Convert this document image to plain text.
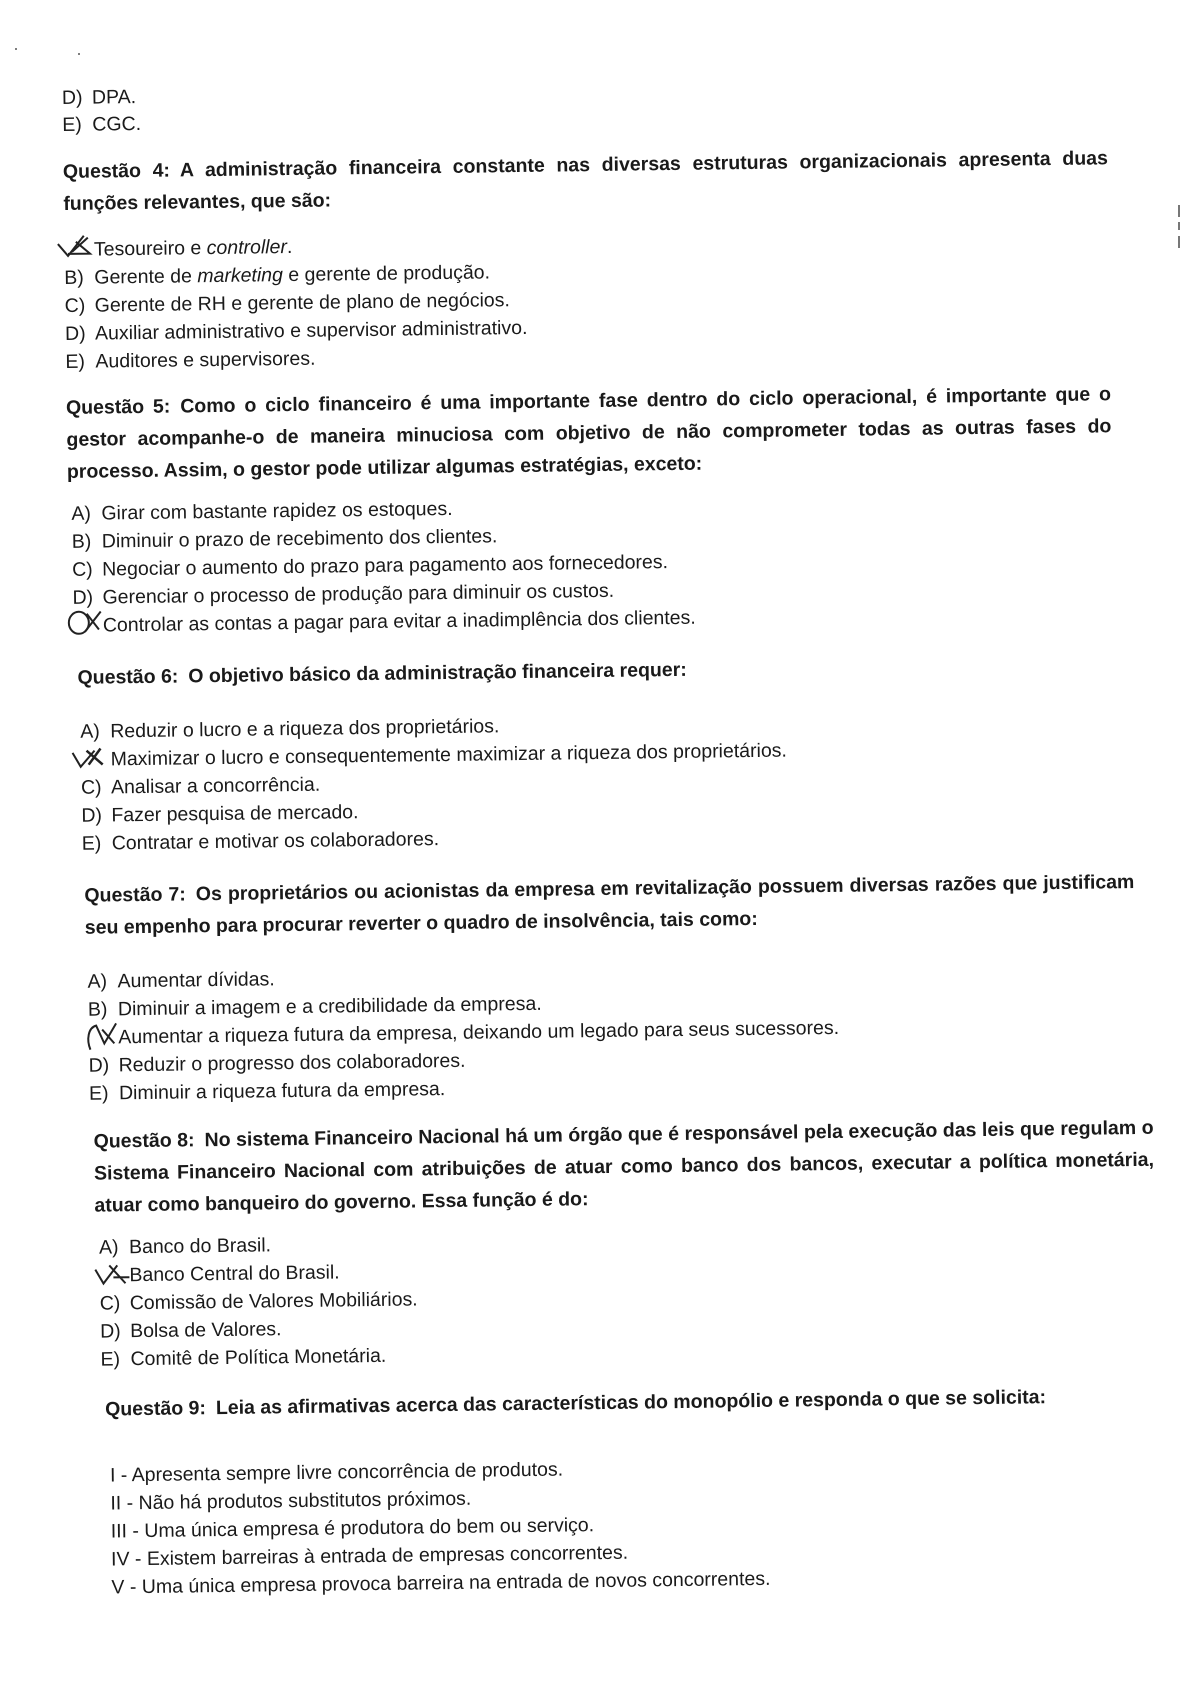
D) DPA.
E) CGC.
Questão 4: A administração financeira constante nas diversas estruturas organizacionais apresenta duas funções relevantes, que são:
Tesoureiro e controller.
B) Gerente de marketing e gerente de produção.
C) Gerente de RH e gerente de plano de negócios.
D) Auxiliar administrativo e supervisor administrativo.
E) Auditores e supervisores.
Questão 5: Como o ciclo financeiro é uma importante fase dentro do ciclo operacional, é importante que o gestor acompanhe-o de maneira minuciosa com objetivo de não comprometer todas as outras fases do processo. Assim, o gestor pode utilizar algumas estratégias, exceto:
A) Girar com bastante rapidez os estoques.
B) Diminuir o prazo de recebimento dos clientes.
C) Negociar o aumento do prazo para pagamento aos fornecedores.
D) Gerenciar o processo de produção para diminuir os custos.
Controlar as contas a pagar para evitar a inadimplência dos clientes.
Questão 6: O objetivo básico da administração financeira requer:
A) Reduzir o lucro e a riqueza dos proprietários.
Maximizar o lucro e consequentemente maximizar a riqueza dos proprietários.
C) Analisar a concorrência.
D) Fazer pesquisa de mercado.
E) Contratar e motivar os colaboradores.
Questão 7: Os proprietários ou acionistas da empresa em revitalização possuem diversas razões que justificam seu empenho para procurar reverter o quadro de insolvência, tais como:
A) Aumentar dívidas.
B) Diminuir a imagem e a credibilidade da empresa.
Aumentar a riqueza futura da empresa, deixando um legado para seus sucessores.
D) Reduzir o progresso dos colaboradores.
E) Diminuir a riqueza futura da empresa.
Questão 8: No sistema Financeiro Nacional há um órgão que é responsável pela execução das leis que regulam o Sistema Financeiro Nacional com atribuições de atuar como banco dos bancos, executar a política monetária, atuar como banqueiro do governo. Essa função é do:
A) Banco do Brasil.
Banco Central do Brasil.
C) Comissão de Valores Mobiliários.
D) Bolsa de Valores.
E) Comitê de Política Monetária.
Questão 9: Leia as afirmativas acerca das características do monopólio e responda o que se solicita:
I - Apresenta sempre livre concorrência de produtos.
II - Não há produtos substitutos próximos.
III - Uma única empresa é produtora do bem ou serviço.
IV - Existem barreiras à entrada de empresas concorrentes.
V - Uma única empresa provoca barreira na entrada de novos concorrentes.
